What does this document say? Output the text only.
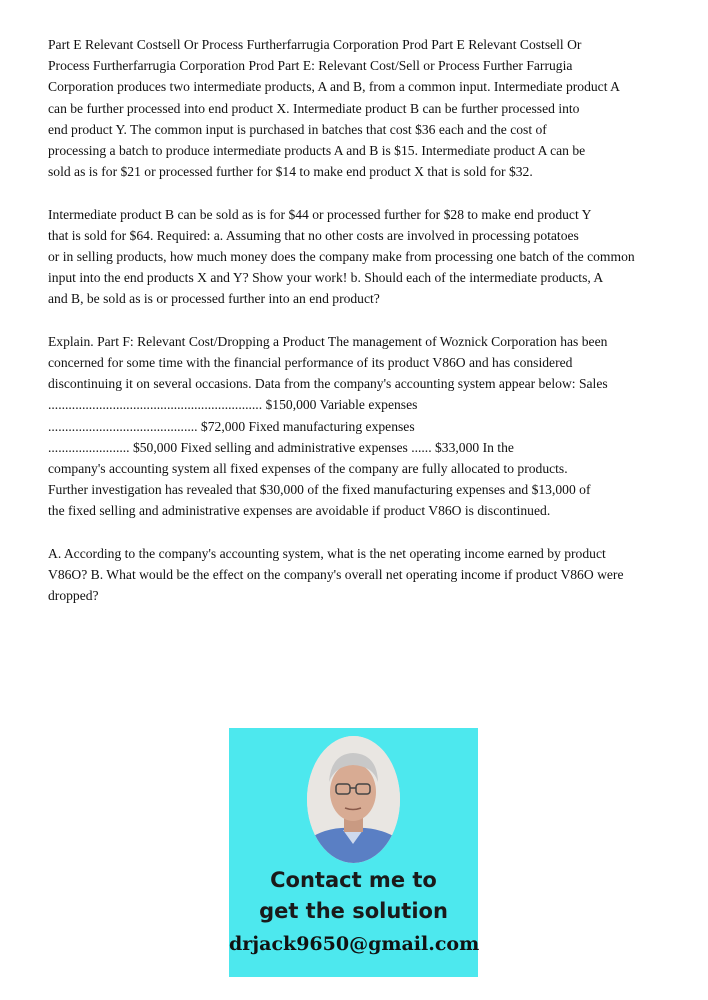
Part E Relevant Costsell Or Process Furtherfarrugia Corporation Prod Part E Relevant Costsell Or
Process Furtherfarrugia Corporation Prod Part E: Relevant Cost/Sell or Process Further Farrugia
Corporation produces two intermediate products, A and B, from a common input. Intermediate product A
can be further processed into end product X. Intermediate product B can be further processed into
end product Y. The common input is purchased in batches that cost $36 each and the cost of
processing a batch to produce intermediate products A and B is $15. Intermediate product A can be
sold as is for $21 or processed further for $14 to make end product X that is sold for $32.
Intermediate product B can be sold as is for $44 or processed further for $28 to make end product Y
that is sold for $64. Required: a. Assuming that no other costs are involved in processing potatoes
or in selling products, how much money does the company make from processing one batch of the common
input into the end products X and Y? Show your work! b. Should each of the intermediate products, A
and B, be sold as is or processed further into an end product?
Explain. Part F: Relevant Cost/Dropping a Product The management of Woznick Corporation has been
concerned for some time with the financial performance of its product V86O and has considered
discontinuing it on several occasions. Data from the company's accounting system appear below: Sales
............................................................... $150,000 Variable expenses
............................................ $72,000 Fixed manufacturing expenses
........................ $50,000 Fixed selling and administrative expenses ...... $33,000 In the
company's accounting system all fixed expenses of the company are fully allocated to products.
Further investigation has revealed that $30,000 of the fixed manufacturing expenses and $13,000 of
the fixed selling and administrative expenses are avoidable if product V86O is discontinued.
A. According to the company's accounting system, what is the net operating income earned by product
V86O? B. What would be the effect on the company's overall net operating income if product V86O were
dropped?
Contact me to
get the solution
drjack9650@gmail.com
